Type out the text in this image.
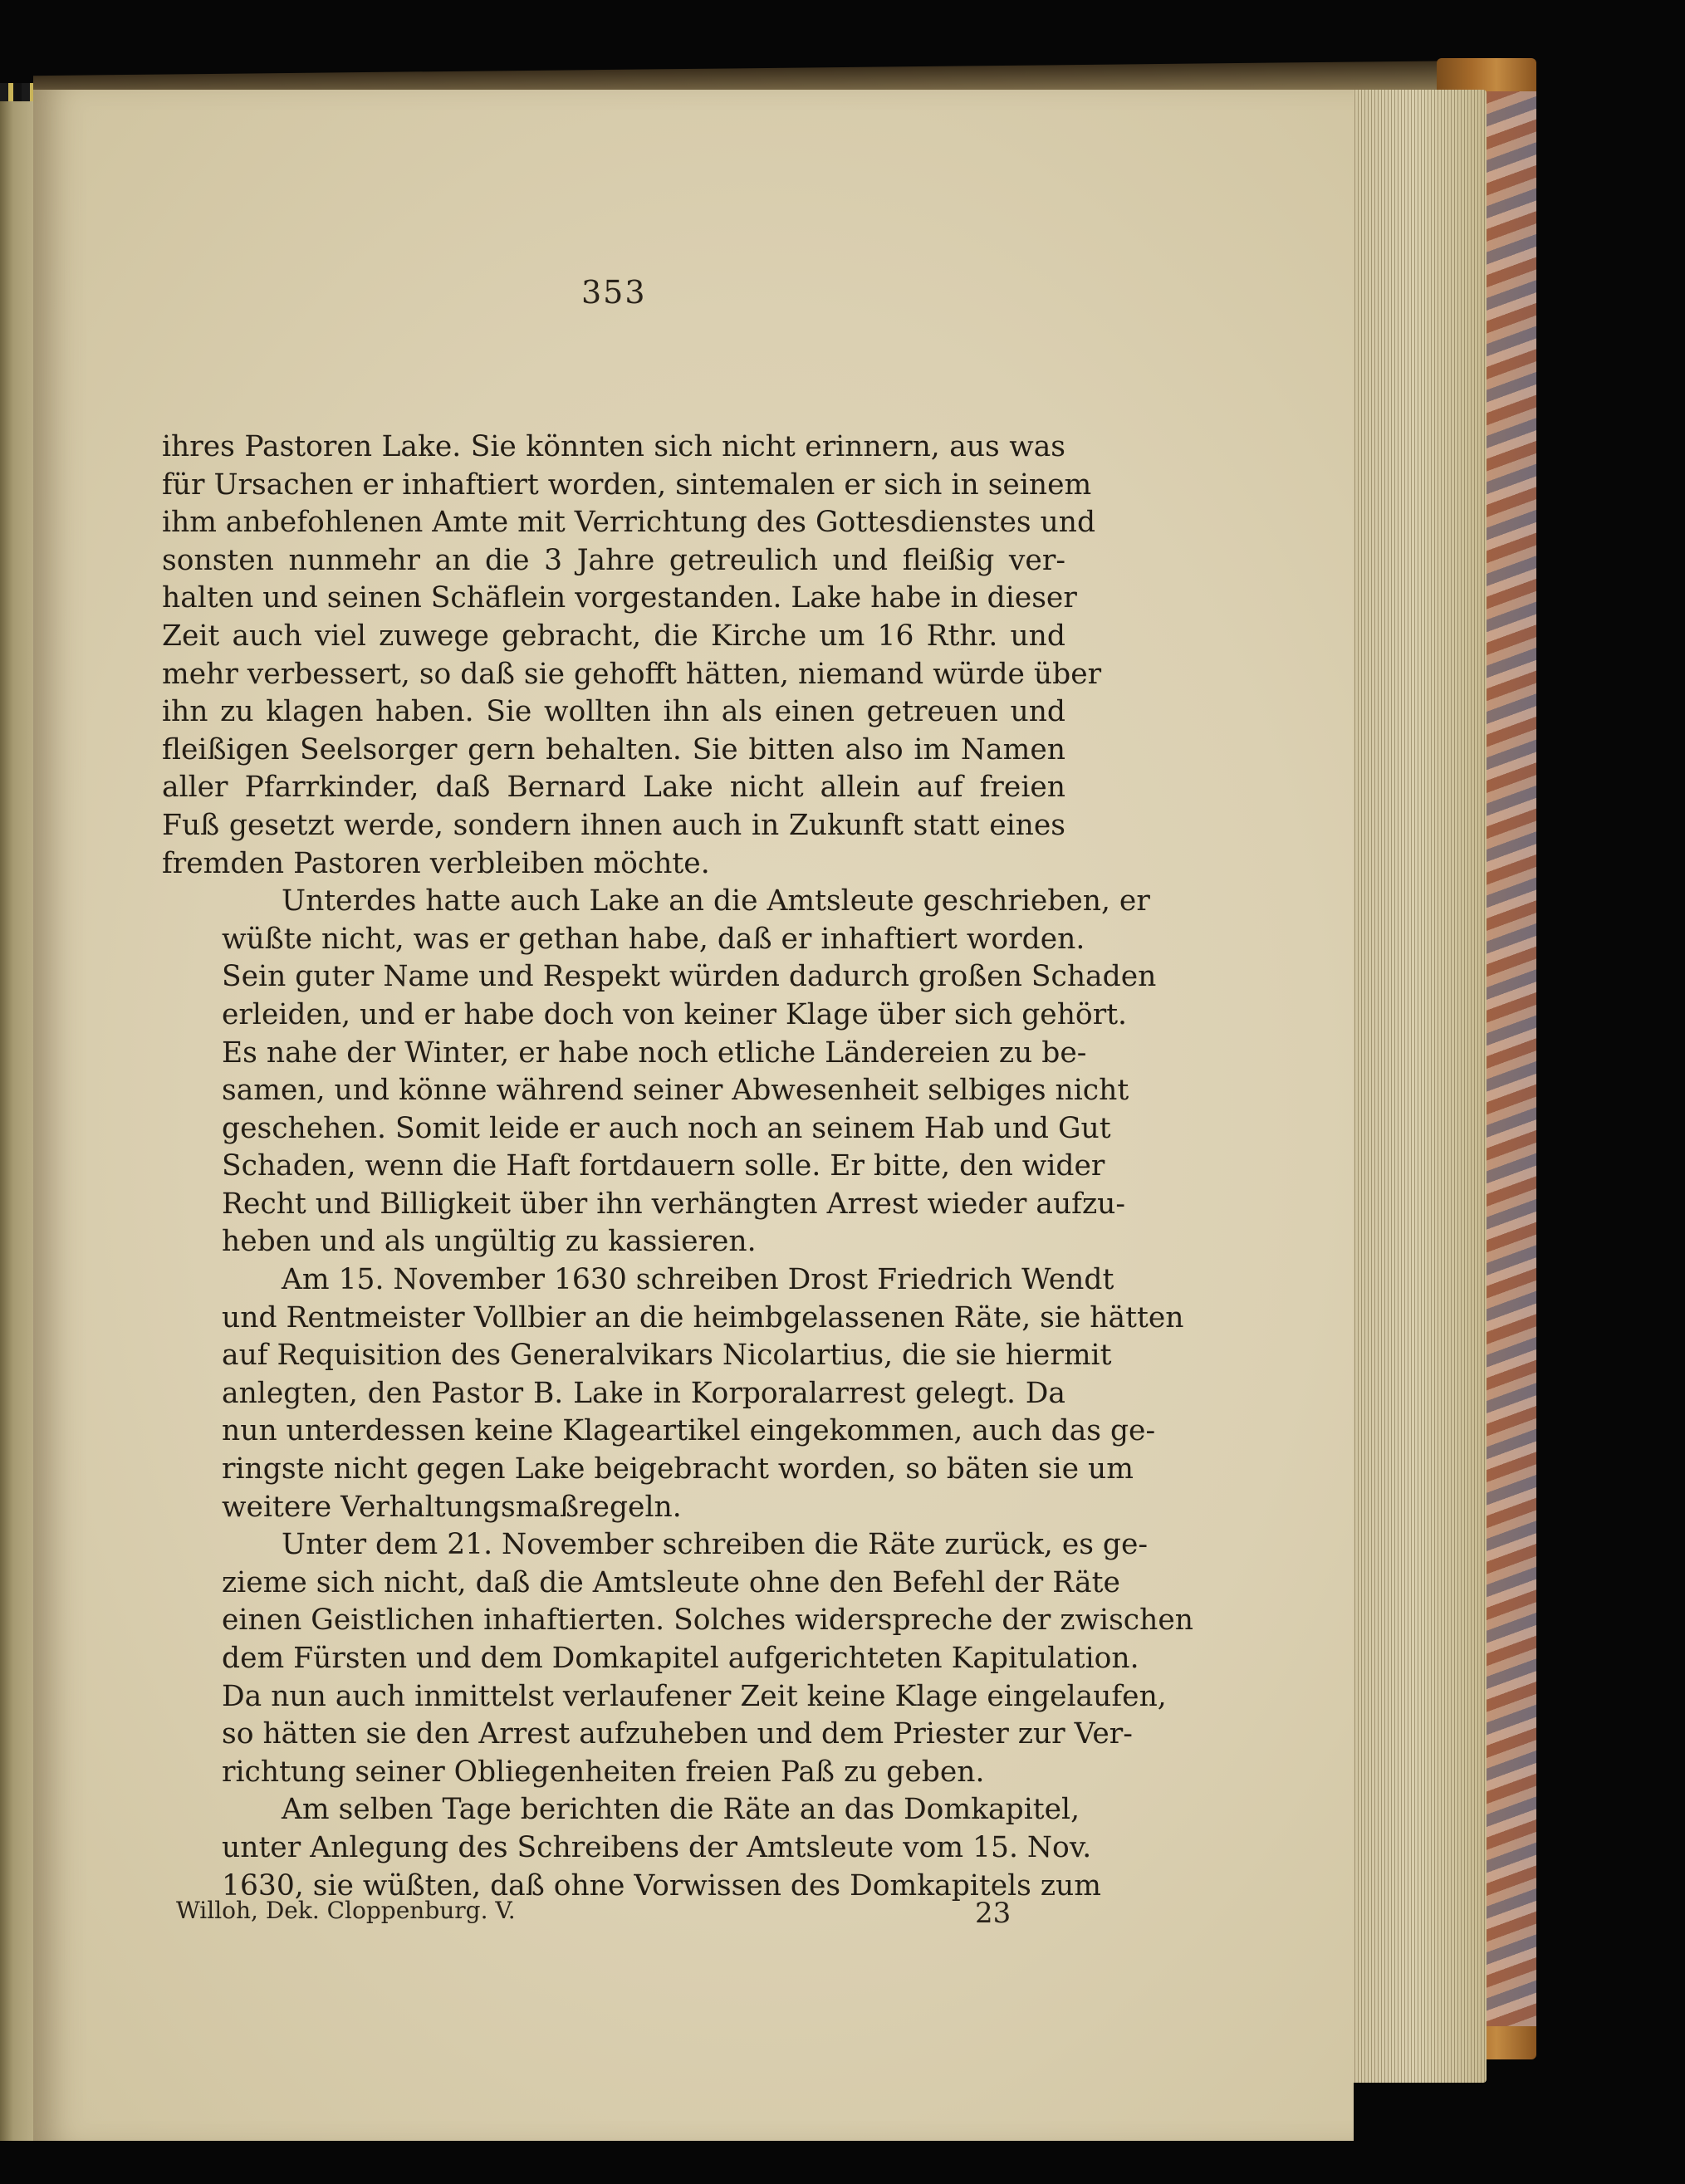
353
ihres Pastoren Lake. Sie könnten sich nicht erinnern, aus was
für Ursachen er inhaftiert worden, sintemalen er sich in seinem
ihm anbefohlenen Amte mit Verrichtung des Gottesdienstes und
sonsten nunmehr an die 3 Jahre getreulich und fleißig ver-
halten und seinen Schäflein vorgestanden. Lake habe in dieser
Zeit auch viel zuwege gebracht, die Kirche um 16 Rthr. und
mehr verbessert, so daß sie gehofft hätten, niemand würde über
ihn zu klagen haben. Sie wollten ihn als einen getreuen und
fleißigen Seelsorger gern behalten. Sie bitten also im Namen
aller Pfarrkinder, daß Bernard Lake nicht allein auf freien
Fuß gesetzt werde, sondern ihnen auch in Zukunft statt eines
fremden Pastoren verbleiben möchte.
Unterdes hatte auch Lake an die Amtsleute geschrieben, er
wüßte nicht, was er gethan habe, daß er inhaftiert worden.
Sein guter Name und Respekt würden dadurch großen Schaden
erleiden, und er habe doch von keiner Klage über sich gehört.
Es nahe der Winter, er habe noch etliche Ländereien zu be-
samen, und könne während seiner Abwesenheit selbiges nicht
geschehen. Somit leide er auch noch an seinem Hab und Gut
Schaden, wenn die Haft fortdauern solle. Er bitte, den wider
Recht und Billigkeit über ihn verhängten Arrest wieder aufzu-
heben und als ungültig zu kassieren.
Am 15. November 1630 schreiben Drost Friedrich Wendt
und Rentmeister Vollbier an die heimbgelassenen Räte, sie hätten
auf Requisition des Generalvikars Nicolartius, die sie hiermit
anlegten, den Pastor B. Lake in Korporalarrest gelegt. Da
nun unterdessen keine Klageartikel eingekommen, auch das ge-
ringste nicht gegen Lake beigebracht worden, so bäten sie um
weitere Verhaltungsmaßregeln.
Unter dem 21. November schreiben die Räte zurück, es ge-
zieme sich nicht, daß die Amtsleute ohne den Befehl der Räte
einen Geistlichen inhaftierten. Solches widerspreche der zwischen
dem Fürsten und dem Domkapitel aufgerichteten Kapitulation.
Da nun auch inmittelst verlaufener Zeit keine Klage eingelaufen,
so hätten sie den Arrest aufzuheben und dem Priester zur Ver-
richtung seiner Obliegenheiten freien Paß zu geben.
Am selben Tage berichten die Räte an das Domkapitel,
unter Anlegung des Schreibens der Amtsleute vom 15. Nov.
1630, sie wüßten, daß ohne Vorwissen des Domkapitels zum
Willoh, Dek. Cloppenburg. V.	23
